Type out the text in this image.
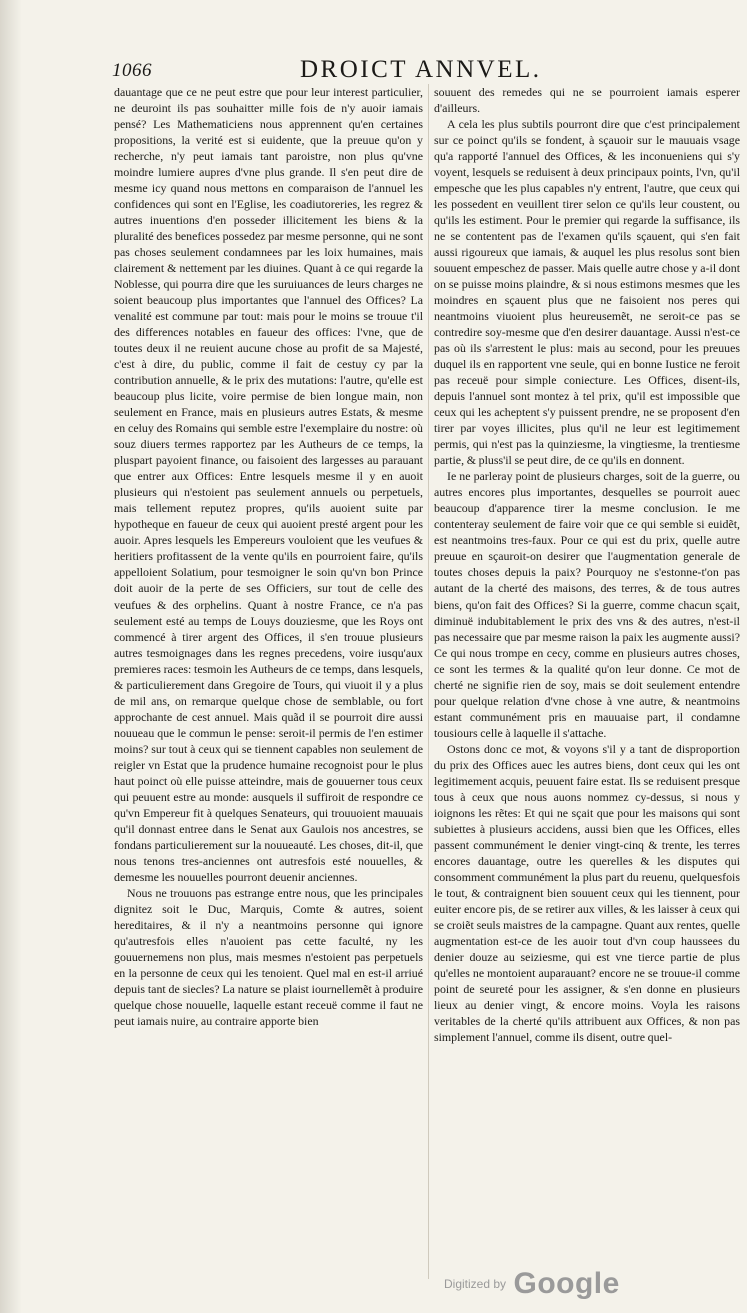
1066	DROICT ANNVEL.

dauantage que ce ne peut estre que pour leur interest particulier, ne deuroint ils pas souhaitter mille fois de n'y auoir iamais pensé? Les Mathematiciens nous apprennent qu'en certaines propositions, la verité est si euidente, que la preuue qu'on y recherche, n'y peut iamais tant paroistre, non plus qu'vne moindre lumiere aupres d'vne plus grande. Il s'en peut dire de mesme icy quand nous mettons en comparaison de l'annuel les confidences qui sont en l'Eglise, les coadiutoreries, les regrez & autres inuentions d'en posseder illicitement les biens & la pluralité des benefices possedez par mesme personne, qui ne sont pas choses seulement condamnees par les loix humaines, mais clairement & nettement par les diuines. Quant à ce qui regarde la Noblesse, qui pourra dire que les suruiuances de leurs charges ne soient beaucoup plus importantes que l'annuel des Offices? La venalité est commune par tout: mais pour le moins se trouue t'il des differences notables en faueur des offices: l'vne, que de toutes deux il ne reuient aucune chose au profit de sa Majesté, c'est à dire, du public, comme il fait de cestuy cy par la contribution annuelle, & le prix des mutations: l'autre, qu'elle est beaucoup plus licite, voire permise de bien longue main, non seulement en France, mais en plusieurs autres Estats, & mesme en celuy des Romains qui semble estre l'exemplaire du nostre: où souz diuers termes rapportez par les Autheurs de ce temps, la pluspart payoient finance, ou faisoient des largesses au parauant que entrer aux Offices: Entre lesquels mesme il y en auoit plusieurs qui n'estoient pas seulement annuels ou perpetuels, mais tellement reputez propres, qu'ils auoient suite par hypotheque en faueur de ceux qui auoient presté argent pour les auoir. Apres lesquels les Empereurs vouloient que les veufues & heritiers profitassent de la vente qu'ils en pourroient faire, qu'ils appelloient Solatium, pour tesmoigner le soin qu'vn bon Prince doit auoir de la perte de ses Officiers, sur tout de celle des veufues & des orphelins. Quant à nostre France, ce n'a pas seulement esté au temps de Louys douziesme, que les Roys ont commencé à tirer argent des Offices, il s'en trouue plusieurs autres tesmoignages dans les regnes precedens, voire iusqu'aux premieres races: tesmoin les Autheurs de ce temps, dans lesquels, & particulierement dans Gregoire de Tours, qui viuoit il y a plus de mil ans, on remarque quelque chose de semblable, ou fort approchante de cest annuel. Mais quãd il se pourroit dire aussi nouueau que le commun le pense: seroit-il permis de l'en estimer moins? sur tout à ceux qui se tiennent capables non seulement de reigler vn Estat que la prudence humaine recognoist pour le plus haut poinct où elle puisse atteindre, mais de gouuerner tous ceux qui peuuent estre au monde: ausquels il suffiroit de respondre ce qu'vn Empereur fit à quelques Senateurs, qui trouuoient mauuais qu'il donnast entree dans le Senat aux Gaulois nos ancestres, se fondans particulierement sur la nouueauté. Les choses, dit-il, que nous tenons tres-anciennes ont autresfois esté nouuelles, & demesme les nouuelles pourront deuenir anciennes.

Nous ne trouuons pas estrange entre nous, que les principales dignitez soit le Duc, Marquis, Comte & autres, soient hereditaires, & il n'y a neantmoins personne qui ignore qu'autresfois elles n'auoient pas cette faculté, ny les gouuernemens non plus, mais mesmes n'estoient pas perpetuels en la personne de ceux qui les tenoient. Quel mal en est-il arriué depuis tant de siecles? La nature se plaist iournellemẽt à produire quelque chose nouuelle, laquelle estant receuë comme il faut ne peut iamais nuire, au contraire apporte bien

souuent des remedes qui ne se pourroient iamais esperer d'ailleurs.

A cela les plus subtils pourront dire que c'est principalement sur ce poinct qu'ils se fondent, à sçauoir sur le mauuais vsage qu'a rapporté l'annuel des Offices, & les inconueniens qui s'y voyent, lesquels se reduisent à deux principaux points, l'vn, qu'il empesche que les plus capables n'y entrent, l'autre, que ceux qui les possedent en veuillent tirer selon ce qu'ils leur coustent, ou qu'ils les estiment. Pour le premier qui regarde la suffisance, ils ne se contentent pas de l'examen qu'ils sçauent, qui s'en fait aussi rigoureux que iamais, & auquel les plus resolus sont bien souuent empeschez de passer. Mais quelle autre chose y a-il dont on se puisse moins plaindre, & si nous estimons mesmes que les moindres en sçauent plus que ne faisoient nos peres qui neantmoins viuoient plus heureusemẽt, ne seroit-ce pas se contredire soy-mesme que d'en desirer dauantage. Aussi n'est-ce pas où ils s'arrestent le plus: mais au second, pour les preuues duquel ils en rapportent vne seule, qui en bonne Iustice ne feroit pas receuë pour simple coniecture. Les Offices, disent-ils, depuis l'annuel sont montez à tel prix, qu'il est impossible que ceux qui les acheptent s'y puissent prendre, ne se proposent d'en tirer par voyes illicites, plus qu'il ne leur est legitimement permis, qui n'est pas la quinziesme, la vingtiesme, la trentiesme partie, & pluss'il se peut dire, de ce qu'ils en donnent.

Ie ne parleray point de plusieurs charges, soit de la guerre, ou autres encores plus importantes, desquelles se pourroit auec beaucoup d'apparence tirer la mesme conclusion. Ie me contenteray seulement de faire voir que ce qui semble si euidẽt, est neantmoins tres-faux. Pour ce qui est du prix, quelle autre preuue en sçauroit-on desirer que l'augmentation generale de toutes choses depuis la paix? Pourquoy ne s'estonne-t'on pas autant de la cherté des maisons, des terres, & de tous autres biens, qu'on fait des Offices? Si la guerre, comme chacun sçait, diminuë indubitablement le prix des vns & des autres, n'est-il pas necessaire que par mesme raison la paix les augmente aussi? Ce qui nous trompe en cecy, comme en plusieurs autres choses, ce sont les termes & la qualité qu'on leur donne. Ce mot de cherté ne signifie rien de soy, mais se doit seulement entendre pour quelque relation d'vne chose à vne autre, & neantmoins estant communément pris en mauuaise part, il condamne tousiours celle à laquelle il s'attache.

Ostons donc ce mot, & voyons s'il y a tant de disproportion du prix des Offices auec les autres biens, dont ceux qui les ont legitimement acquis, peuuent faire estat. Ils se reduisent presque tous à ceux que nous auons nommez cy-dessus, si nous y ioignons les rẽtes: Et qui ne sçait que pour les maisons qui sont subiettes à plusieurs accidens, aussi bien que les Offices, elles passent communément le denier vingt-cinq & trente, les terres encores dauantage, outre les querelles & les disputes qui consomment communément la plus part du reuenu, quelquesfois le tout, & contraignent bien souuent ceux qui les tiennent, pour euiter encore pis, de se retirer aux villes, & les laisser à ceux qui se croiẽt seuls maistres de la campagne. Quant aux rentes, quelle augmentation est-ce de les auoir tout d'vn coup haussees du denier douze au seiziesme, qui est vne tierce partie de plus qu'elles ne montoient auparauant? encore ne se trouue-il comme point de seureté pour les assigner, & s'en donne en plusieurs lieux au denier vingt, & encore moins. Voyla les raisons veritables de la cherté qu'ils attribuent aux Offices, & non pas simplement l'annuel, comme ils disent, outre quel-

Digitized by Google
